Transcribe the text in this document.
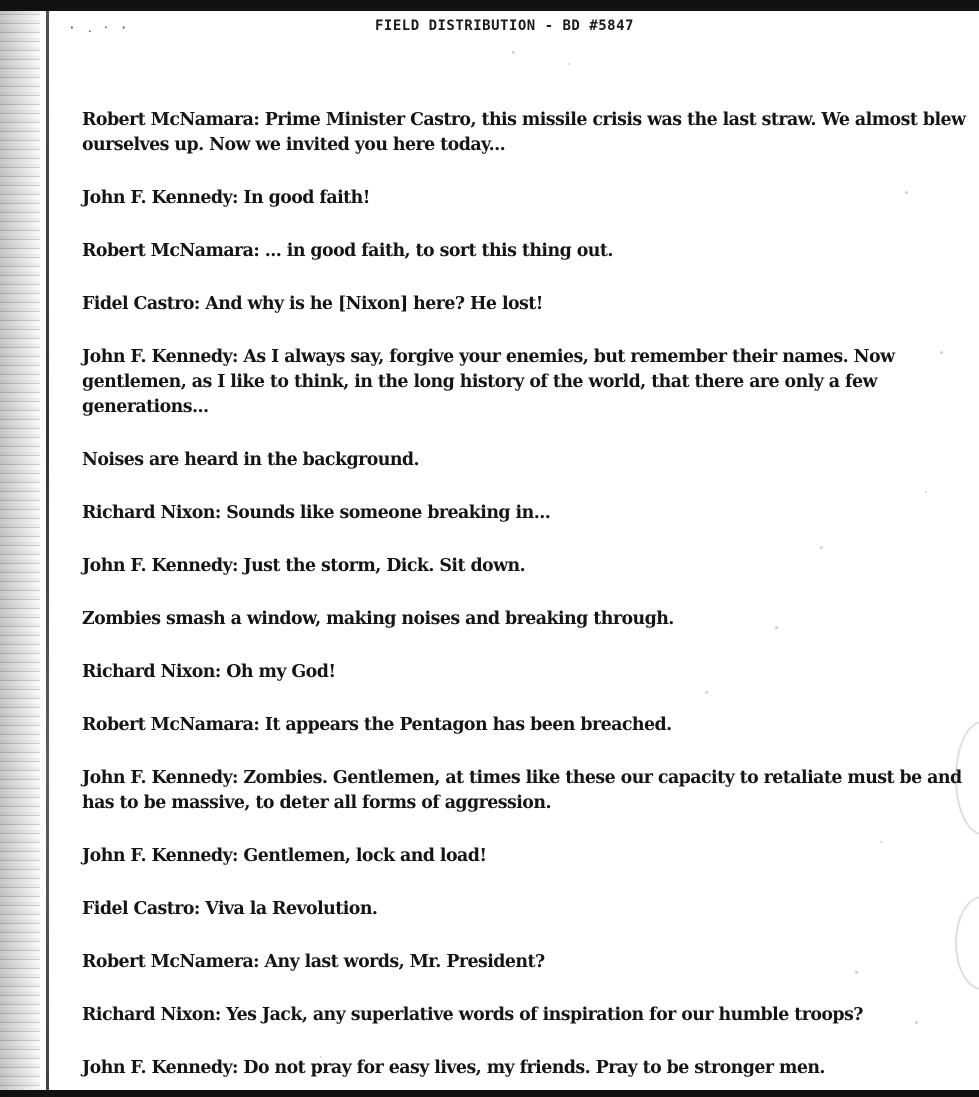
· ․ ‧ ·	FIELD DISTRIBUTION - BD #5847
Robert McNamara: Prime Minister Castro, this missile crisis was the last straw. We almost blew ourselves up. Now we invited you here today...
John F. Kennedy: In good faith!
Robert McNamara: ... in good faith, to sort this thing out.
Fidel Castro: And why is he [Nixon] here? He lost!
John F. Kennedy: As I always say, forgive your enemies, but remember their names. Now gentlemen, as I like to think, in the long history of the world, that there are only a few generations...
Noises are heard in the background.
Richard Nixon: Sounds like someone breaking in...
John F. Kennedy: Just the storm, Dick. Sit down.
Zombies smash a window, making noises and breaking through.
Richard Nixon: Oh my God!
Robert McNamara: It appears the Pentagon has been breached.
John F. Kennedy: Zombies. Gentlemen, at times like these our capacity to retaliate must be and has to be massive, to deter all forms of aggression.
John F. Kennedy: Gentlemen, lock and load!
Fidel Castro: Viva la Revolution.
Robert McNamera: Any last words, Mr. President?
Richard Nixon: Yes Jack, any superlative words of inspiration for our humble troops?
John F. Kennedy: Do not pray for easy lives, my friends. Pray to be stronger men.
